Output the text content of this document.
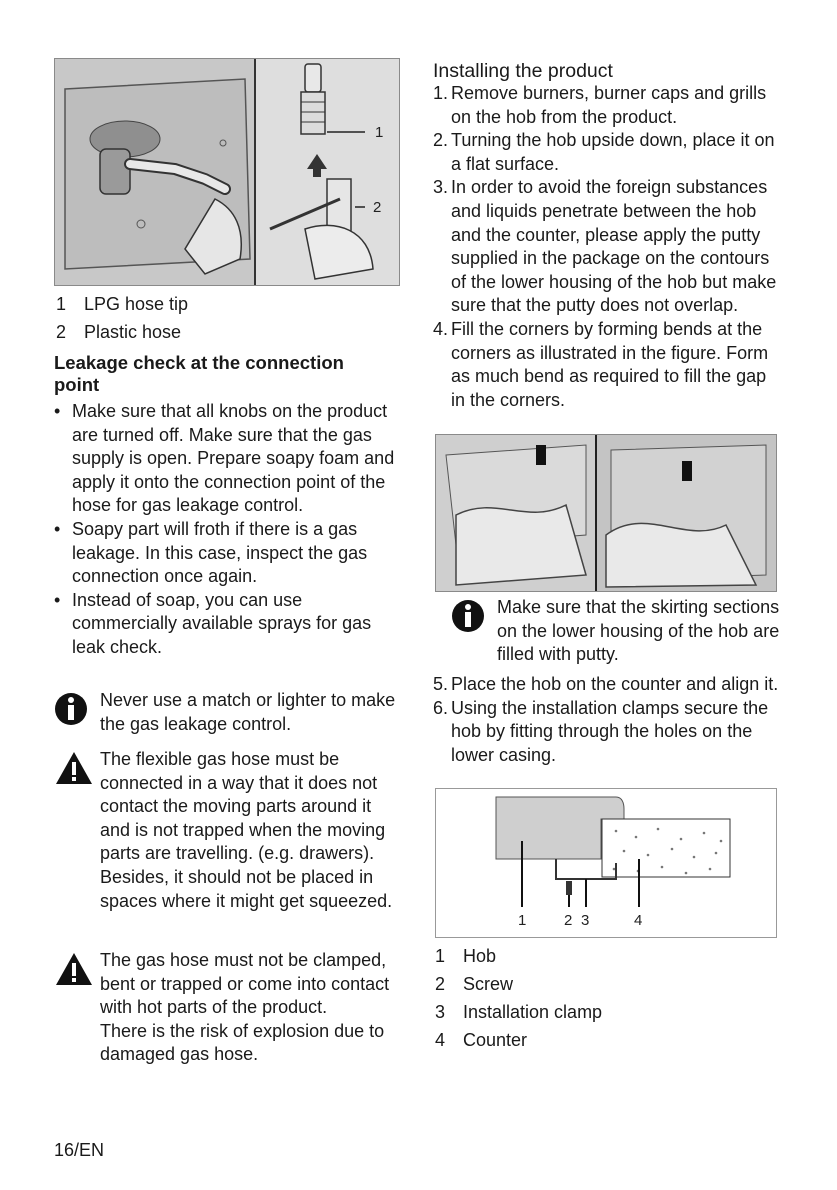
1
2
1 LPG hose tip
2 Plastic hose
Leakage check at the connection point
• Make sure that all knobs on the product are turned off. Make sure that the gas supply is open. Prepare soapy foam and apply it onto the connection point of the hose for gas leakage control.
• Soapy part will froth if there is a gas leakage. In this case, inspect the gas connection once again.
• Instead of soap, you can use commercially available sprays for gas leak check.
Never use a match or lighter to make the gas leakage control.
The flexible gas hose must be connected in a way that it does not contact the moving parts around it and is not trapped when the moving parts are travelling. (e.g. drawers). Besides, it should not be placed in spaces where it might get squeezed.
The gas hose must not be clamped, bent or trapped or come into contact with hot parts of the product.
There is the risk of explosion due to damaged gas hose.
Installing the product
1. Remove burners, burner caps and grills on the hob from the product.
2. Turning the hob upside down, place it on a flat surface.
3. In order to avoid the foreign substances and liquids penetrate between the hob and the counter, please apply the putty supplied in the package on the contours of the lower housing of the hob but make sure that the putty does not overlap.
4. Fill the corners by forming bends at the corners as illustrated in the figure. Form as much bend as required to fill the gap in the corners.
Make sure that the skirting sections on the lower housing of the hob are filled with putty.
5. Place the hob on the counter and align it.
6. Using the installation clamps secure the hob by fitting through the holes on the lower casing.
1	2 3	4
1 Hob
2 Screw
3 Installation clamp
4 Counter
16/EN
